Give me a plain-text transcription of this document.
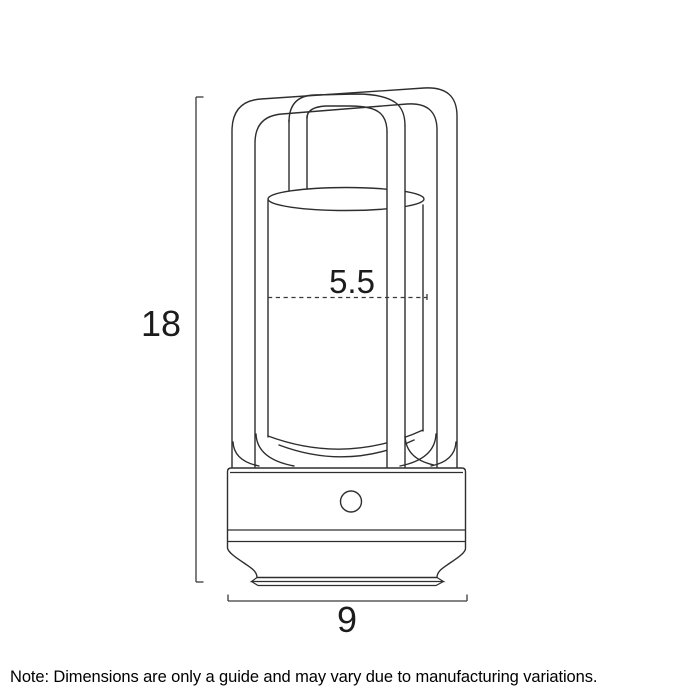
18
5.5
9
Note: Dimensions are only a guide and may vary due to manufacturing variations.
